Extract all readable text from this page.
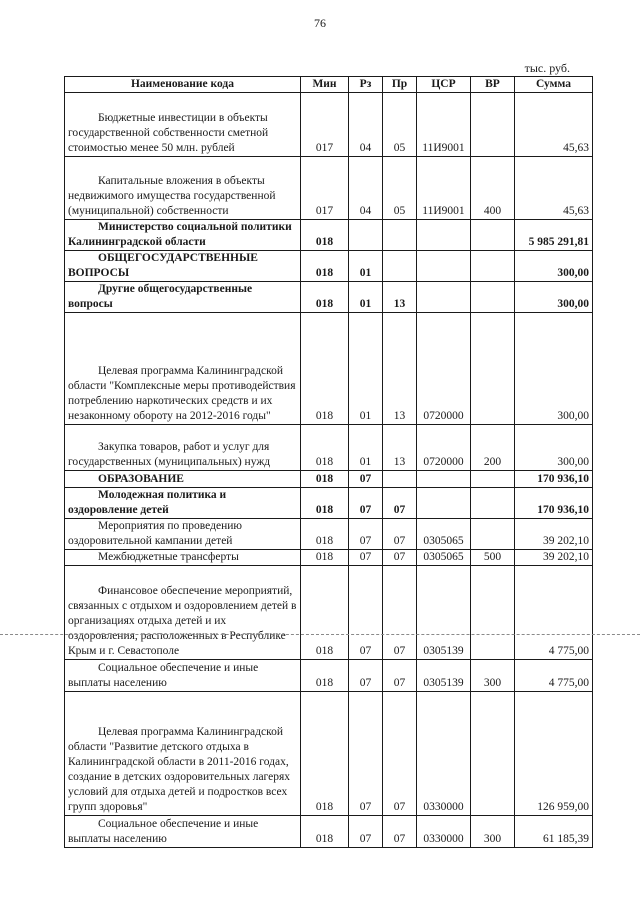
76
тыс. руб.
Наименование кода	Мин	Рз	Пр	ЦСР	ВР	Сумма
Бюджетные инвестиции в объекты государственной собственности сметной стоимостью менее 50 млн. рублей	017	04	05	11И9001		45,63
Капитальные вложения в объекты недвижимого имущества государственной (муниципальной) собственности	017	04	05	11И9001	400	45,63
Министерство социальной политики Калининградской области	018					5 985 291,81
ОБЩЕГОСУДАРСТВЕННЫЕ ВОПРОСЫ	018	01				300,00
Другие общегосударственные вопросы	018	01	13			300,00
Целевая программа Калининградской области "Комплексные меры противодействия потреблению наркотических средств и их незаконному обороту на 2012-2016 годы"	018	01	13	0720000		300,00
Закупка товаров, работ и услуг для государственных (муниципальных) нужд	018	01	13	0720000	200	300,00
ОБРАЗОВАНИЕ	018	07				170 936,10
Молодежная политика и оздоровление детей	018	07	07			170 936,10
Мероприятия по проведению оздоровительной кампании детей	018	07	07	0305065		39 202,10
Межбюджетные трансферты	018	07	07	0305065	500	39 202,10
Финансовое обеспечение мероприятий, связанных с отдыхом и оздоровлением детей в организациях отдыха детей и их оздоровления, расположенных в Республике Крым и г. Севастополе	018	07	07	0305139		4 775,00
Социальное обеспечение и иные выплаты населению	018	07	07	0305139	300	4 775,00
Целевая программа Калининградской области "Развитие детского отдыха в Калининградской области в 2011-2016 годах, создание в детских оздоровительных лагерях условий для отдыха детей и подростков всех групп здоровья"	018	07	07	0330000		126 959,00
Социальное обеспечение и иные выплаты населению	018	07	07	0330000	300	61 185,39
